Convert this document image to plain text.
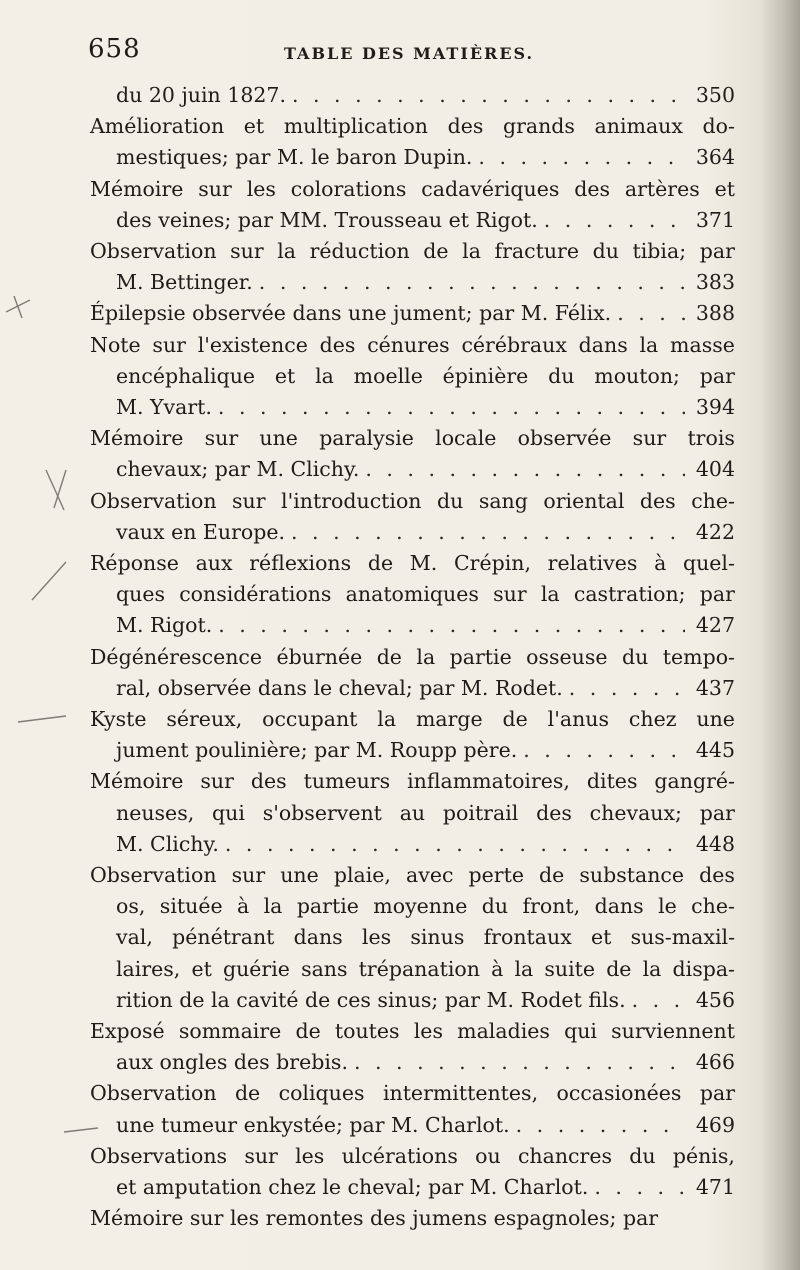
658	TABLE DES MATIÈRES.
du 20 juin 1827. . . .	350
Amélioration et multiplication des grands animaux do-
mestiques; par M. le baron Dupin. . . .	364
Mémoire sur les colorations cadavériques des artères et
des veines; par MM. Trousseau et Rigot. . . .	371
Observation sur la réduction de la fracture du tibia; par
M. Bettinger. . . .	383
Épilepsie observée dans une jument; par M. Félix. . . .	388
Note sur l'existence des cénures cérébraux dans la masse
encéphalique et la moelle épinière du mouton; par
M. Yvart. . . .	394
Mémoire sur une paralysie locale observée sur trois
chevaux; par M. Clichy. . . .	404
Observation sur l'introduction du sang oriental des che-
vaux en Europe. . . .	422
Réponse aux réflexions de M. Crépin, relatives à quel-
ques considérations anatomiques sur la castration; par
M. Rigot. . . .	427
Dégénérescence éburnée de la partie osseuse du tempo-
ral, observée dans le cheval; par M. Rodet. . . .	437
Kyste séreux, occupant la marge de l'anus chez une
jument poulinière; par M. Roupp père. . . .	445
Mémoire sur des tumeurs inflammatoires, dites gangré-
neuses, qui s'observent au poitrail des chevaux; par
M. Clichy. . . .	448
Observation sur une plaie, avec perte de substance des
os, située à la partie moyenne du front, dans le che-
val, pénétrant dans les sinus frontaux et sus-maxil-
laires, et guérie sans trépanation à la suite de la dispa-
rition de la cavité de ces sinus; par M. Rodet fils. . . .	456
Exposé sommaire de toutes les maladies qui surviennent
aux ongles des brebis. . . .	466
Observation de coliques intermittentes, occasionées par
une tumeur enkystée; par M. Charlot. . . .	469
Observations sur les ulcérations ou chancres du pénis,
et amputation chez le cheval; par M. Charlot. . . .	471
Mémoire sur les remontes des jumens espagnoles; par
